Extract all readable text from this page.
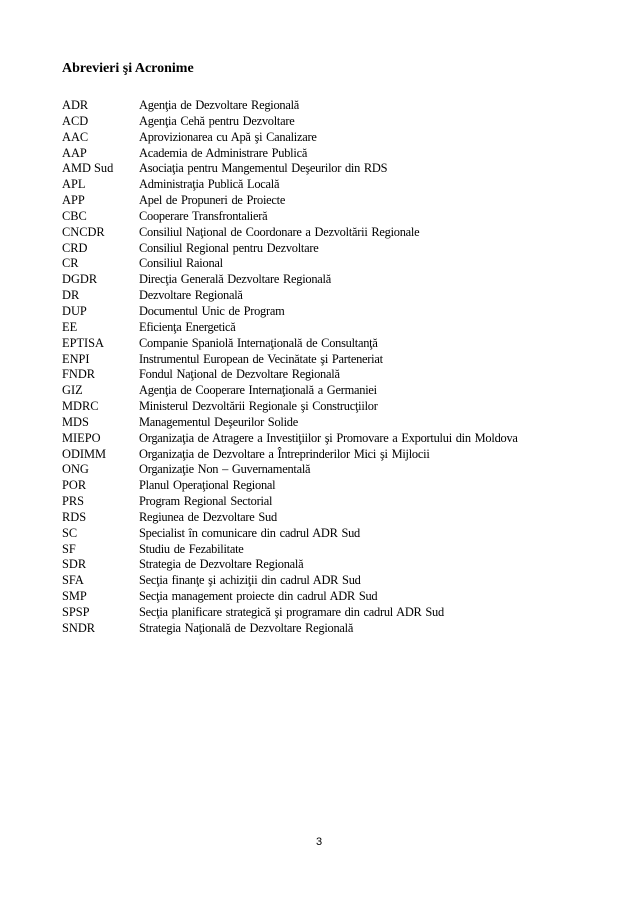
Abrevieri şi Acronime
ADR	Agenţia de Dezvoltare Regională
ACD	Agenţia Cehă pentru Dezvoltare
AAC	Aprovizionarea cu Apă şi Canalizare
AAP	Academia de Administrare Publică
AMD Sud	Asociaţia pentru Mangementul Deşeurilor din RDS
APL	Administraţia Publică Locală
APP	Apel de Propuneri de Proiecte
CBC	Cooperare Transfrontalieră
CNCDR	Consiliul Naţional de Coordonare a Dezvoltării Regionale
CRD	Consiliul Regional pentru Dezvoltare
CR	Consiliul Raional
DGDR	Direcţia Generală Dezvoltare Regională
DR	Dezvoltare Regională
DUP	Documentul Unic de Program
EE	Eficienţa Energetică
EPTISA	Companie Spaniolă Internaţională de Consultanţă
ENPI	Instrumentul European de Vecinătate şi Parteneriat
FNDR	Fondul Naţional de Dezvoltare Regională
GIZ	Agenţia de Cooperare Internaţională a Germaniei
MDRC	Ministerul Dezvoltării Regionale şi Construcţiilor
MDS	Managementul Deşeurilor Solide
MIEPO	Organizaţia de Atragere a Investiţiilor şi Promovare a Exportului din Moldova
ODIMM	Organizaţia de Dezvoltare a Întreprinderilor Mici şi Mijlocii
ONG	Organizaţie Non – Guvernamentală
POR	Planul Operaţional Regional
PRS	Program Regional Sectorial
RDS	Regiunea de Dezvoltare Sud
SC	Specialist în comunicare din cadrul ADR Sud
SF	Studiu de Fezabilitate
SDR	Strategia de Dezvoltare Regională
SFA	Secţia finanţe şi achiziţii din cadrul ADR Sud
SMP	Secţia management proiecte din cadrul ADR Sud
SPSP	Secţia planificare strategică şi programare din cadrul ADR Sud
SNDR	Strategia Naţională de Dezvoltare Regională
3
